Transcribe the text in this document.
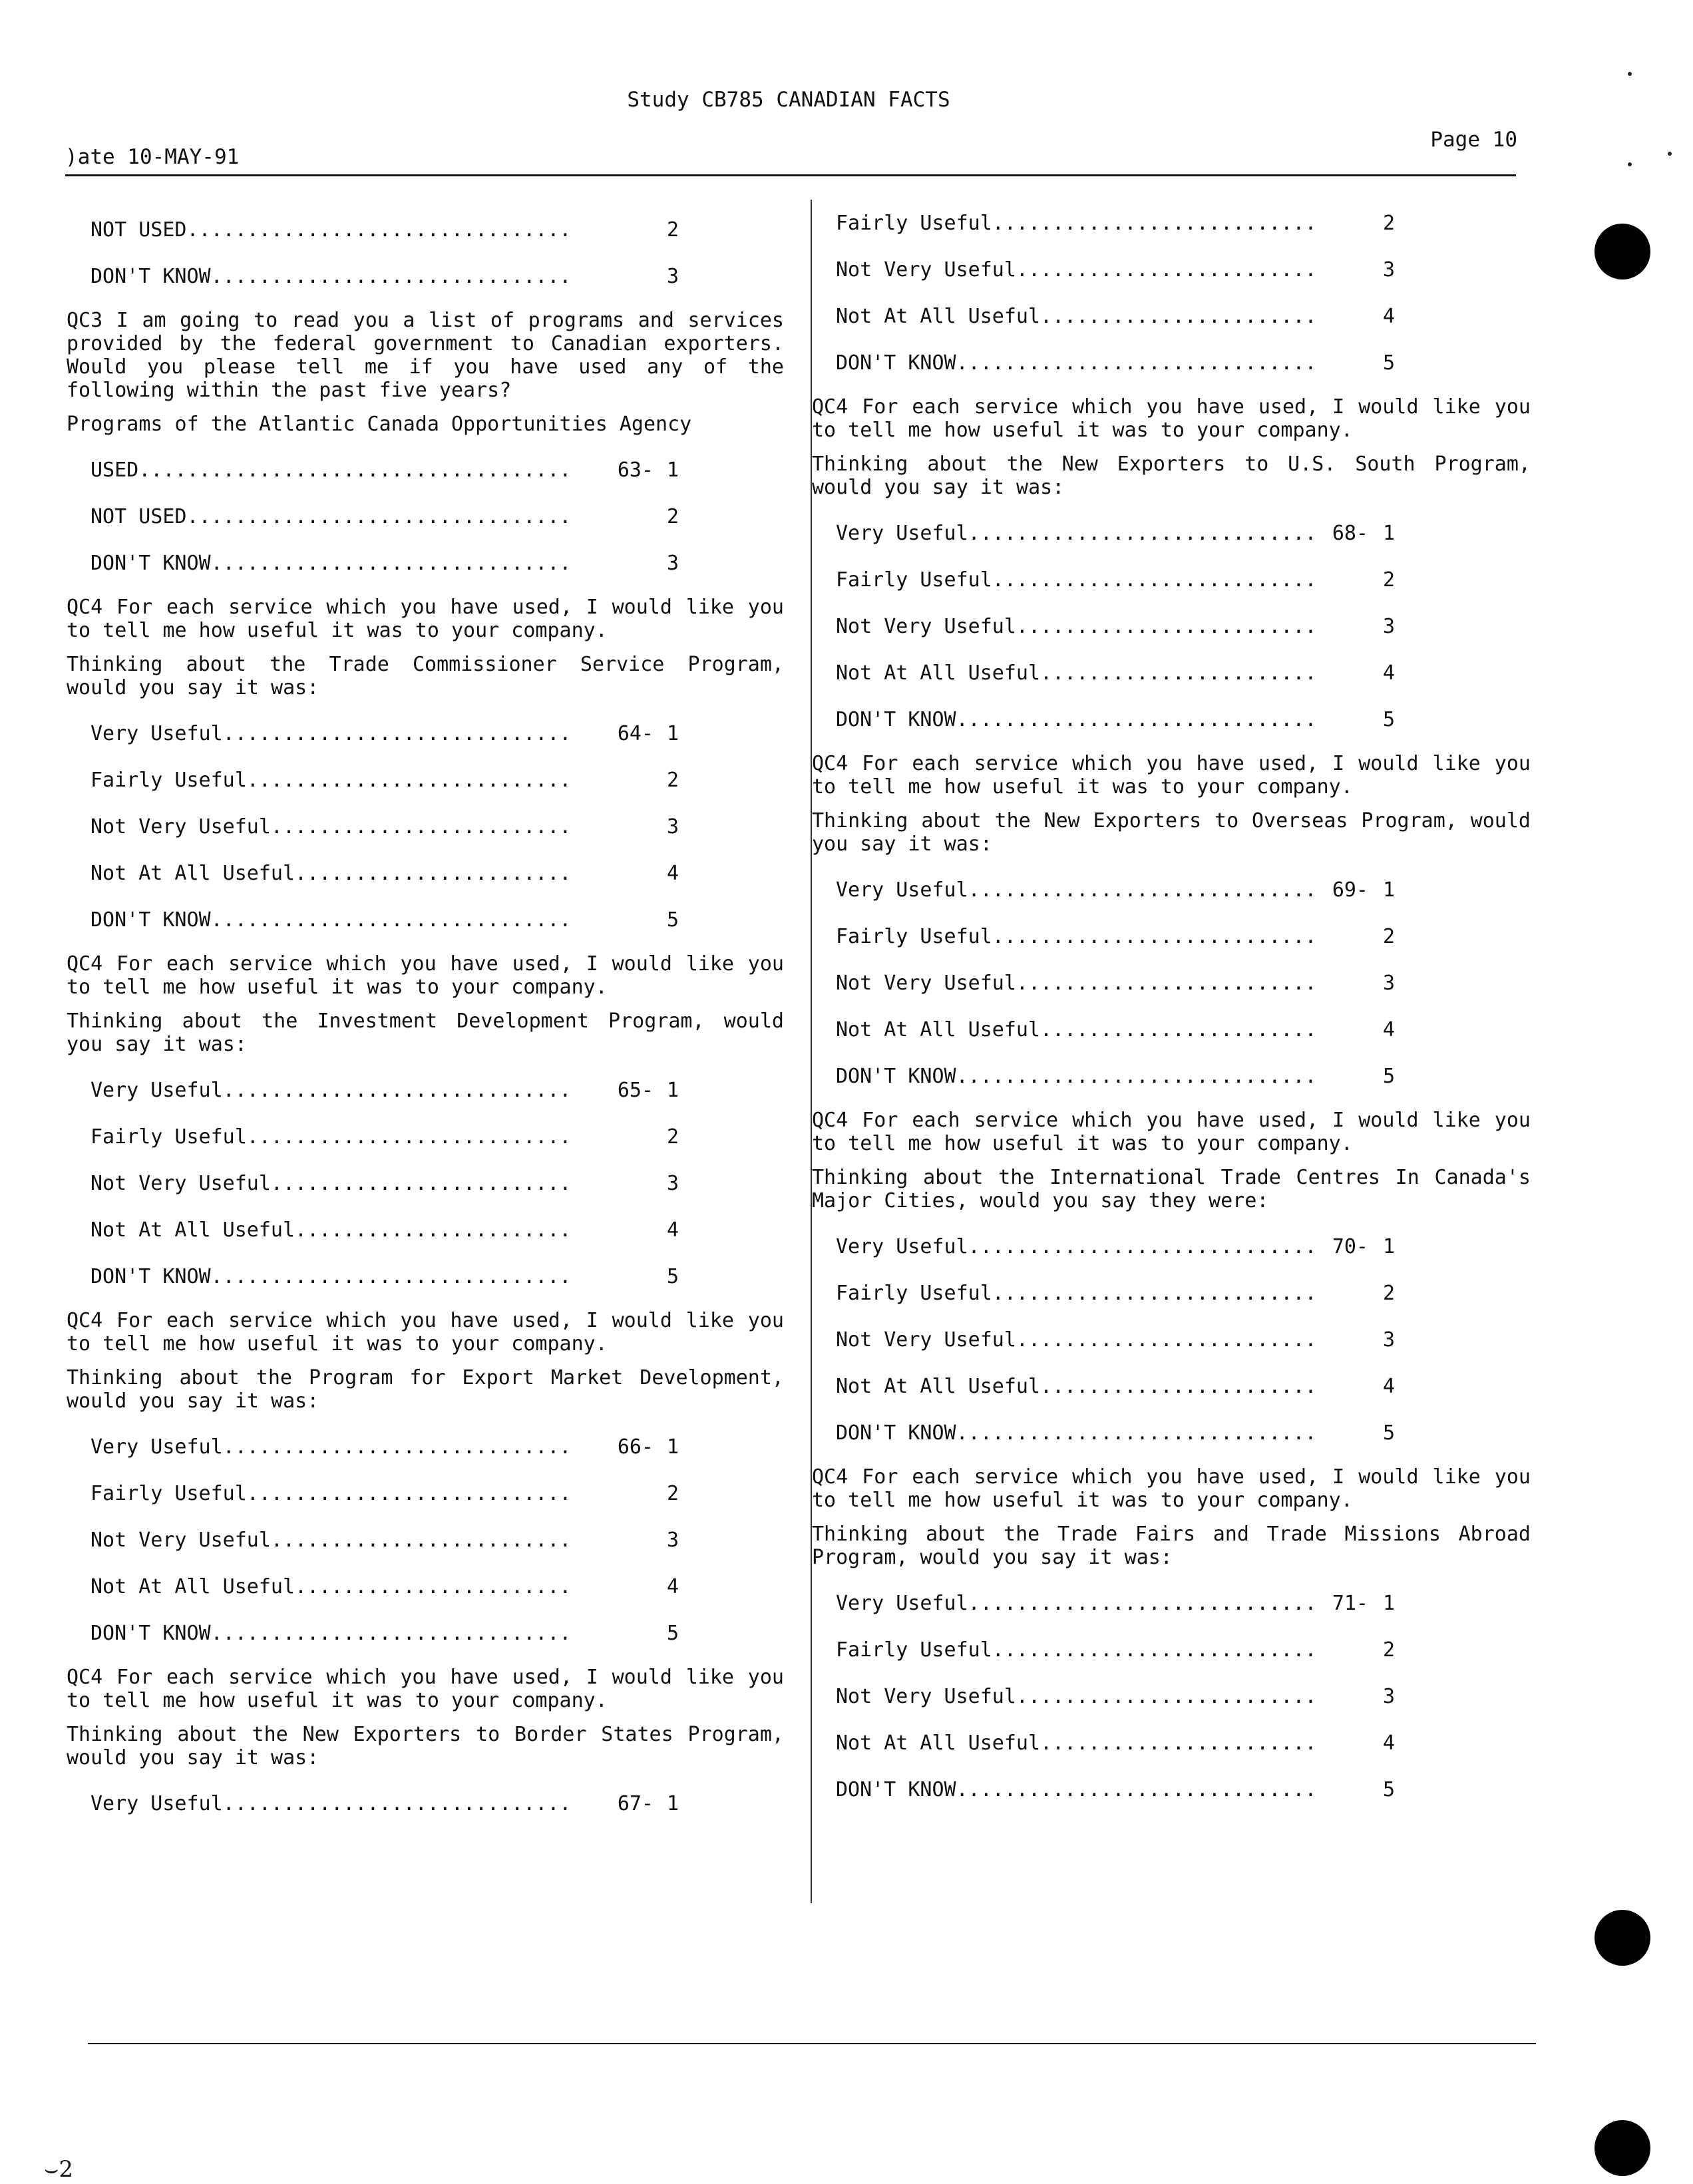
Study CB785 CANADIAN FACTS
)ate 10-MAY-91
Page 10
NOT USED................................	2
DON'T KNOW..............................	3
QC3 I am going to read you a list of programs and services provided by the federal government to Canadian exporters. Would you please tell me if you have used any of the following within the past five years?
Programs of the Atlantic Canada Opportunities Agency
USED....................................	63- 1
NOT USED................................	2
DON'T KNOW..............................	3
QC4 For each service which you have used, I would like you to tell me how useful it was to your company.
Thinking about the Trade Commissioner Service Program, would you say it was:
Very Useful.............................	64- 1
Fairly Useful...........................	2
Not Very Useful.........................	3
Not At All Useful.......................	4
DON'T KNOW..............................	5
QC4 For each service which you have used, I would like you to tell me how useful it was to your company.
Thinking about the Investment Development Program, would you say it was:
Very Useful.............................	65- 1
Fairly Useful...........................	2
Not Very Useful.........................	3
Not At All Useful.......................	4
DON'T KNOW..............................	5
QC4 For each service which you have used, I would like you to tell me how useful it was to your company.
Thinking about the Program for Export Market Development, would you say it was:
Very Useful.............................	66- 1
Fairly Useful...........................	2
Not Very Useful.........................	3
Not At All Useful.......................	4
DON'T KNOW..............................	5
QC4 For each service which you have used, I would like you to tell me how useful it was to your company.
Thinking about the New Exporters to Border States Program, would you say it was:
Very Useful.............................	67- 1
Fairly Useful...........................	2
Not Very Useful.........................	3
Not At All Useful.......................	4
DON'T KNOW..............................	5
QC4 For each service which you have used, I would like you to tell me how useful it was to your company.
Thinking about the New Exporters to U.S. South Program, would you say it was:
Very Useful............................. 68- 1
Fairly Useful...........................	2
Not Very Useful.........................	3
Not At All Useful.......................	4
DON'T KNOW..............................	5
QC4 For each service which you have used, I would like you to tell me how useful it was to your company.
Thinking about the New Exporters to Overseas Program, would you say it was:
Very Useful............................. 69- 1
Fairly Useful...........................	2
Not Very Useful.........................	3
Not At All Useful.......................	4
DON'T KNOW..............................	5
QC4 For each service which you have used, I would like you to tell me how useful it was to your company.
Thinking about the International Trade Centres In Canada's Major Cities, would you say they were:
Very Useful............................. 70- 1
Fairly Useful...........................	2
Not Very Useful.........................	3
Not At All Useful.......................	4
DON'T KNOW..............................	5
QC4 For each service which you have used, I would like you to tell me how useful it was to your company.
Thinking about the Trade Fairs and Trade Missions Abroad Program, would you say it was:
Very Useful............................. 71- 1
Fairly Useful...........................	2
Not Very Useful.........................	3
Not At All Useful.......................	4
DON'T KNOW..............................	5
⌣2
